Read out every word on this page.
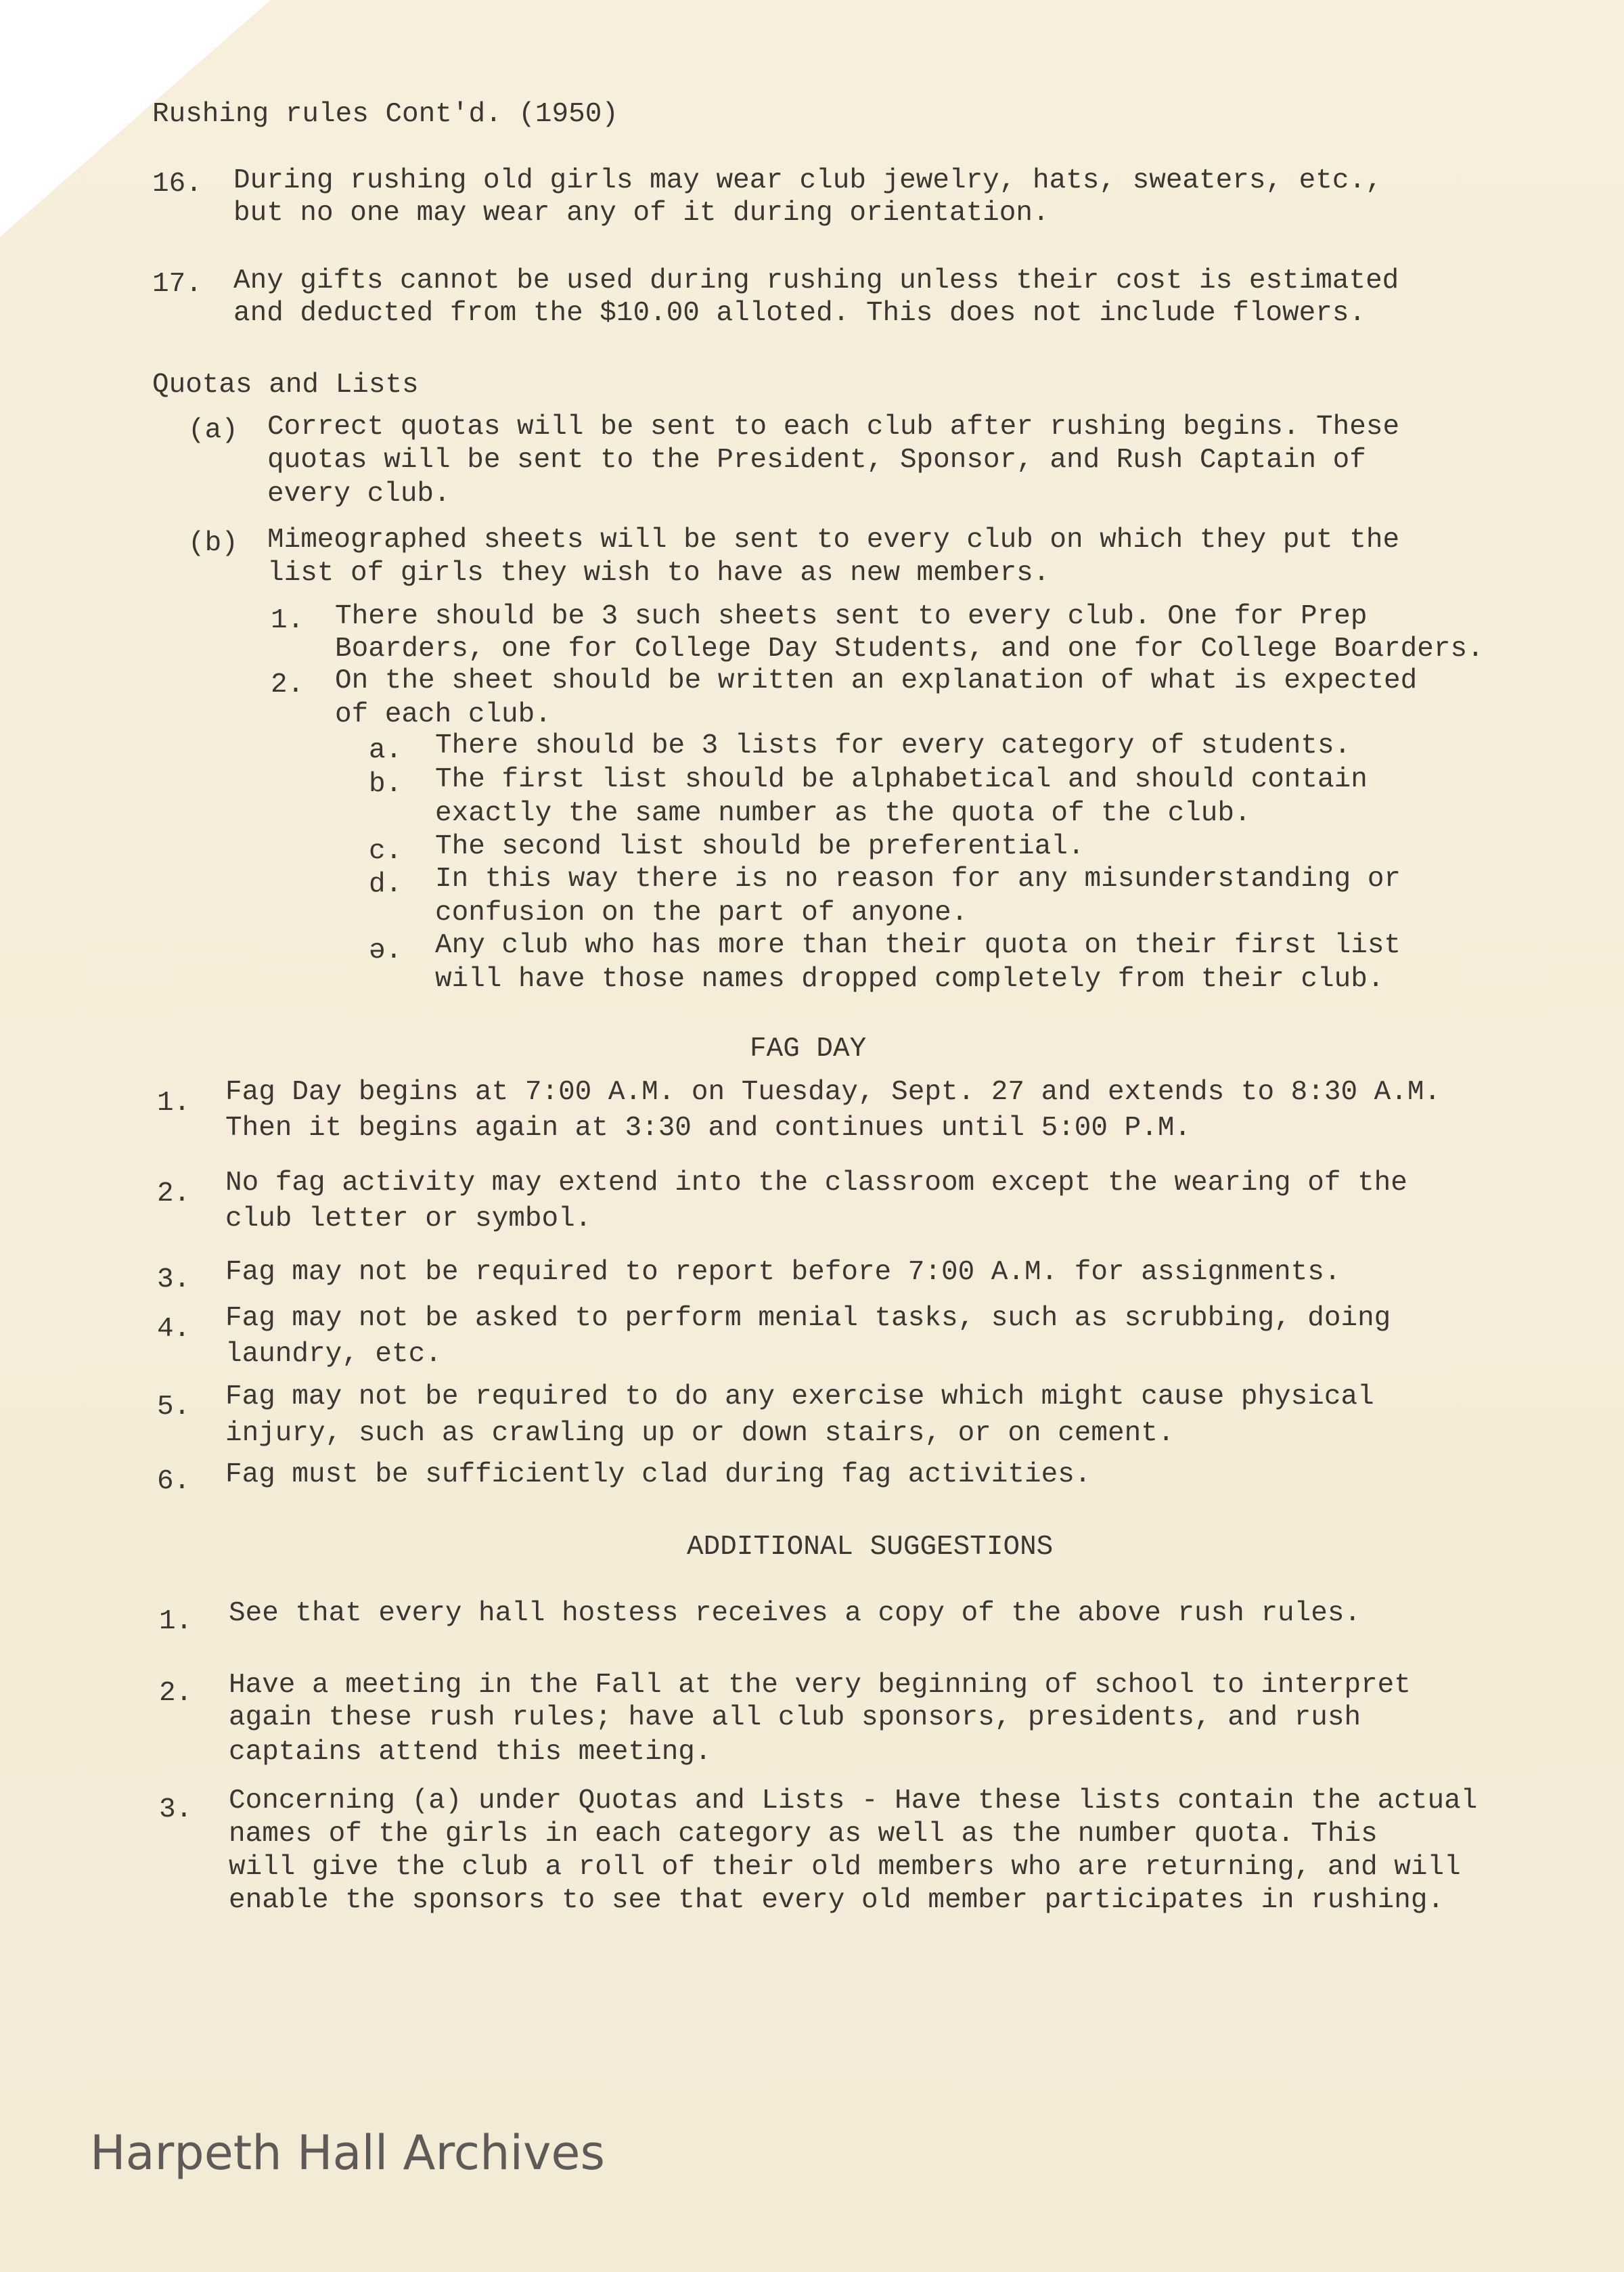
Rushing rules Cont'd. (1950)
16. During rushing old girls may wear club jewelry, hats, sweaters, etc.,
but no one may wear any of it during orientation.
17. Any gifts cannot be used during rushing unless their cost is estimated
and deducted from the $10.00 alloted. This does not include flowers.
Quotas and Lists
(a) Correct quotas will be sent to each club after rushing begins. These
quotas will be sent to the President, Sponsor, and Rush Captain of
every club.
(b) Mimeographed sheets will be sent to every club on which they put the
list of girls they wish to have as new members.
1. There should be 3 such sheets sent to every club. One for Prep
Boarders, one for College Day Students, and one for College Boarders.
2. On the sheet should be written an explanation of what is expected
of each club.
a. There should be 3 lists for every category of students.
b. The first list should be alphabetical and should contain
exactly the same number as the quota of the club.
c. The second list should be preferential.
d. In this way there is no reason for any misunderstanding or
confusion on the part of anyone.
ə. Any club who has more than their quota on their first list
will have those names dropped completely from their club.
FAG DAY
1. Fag Day begins at 7:00 A.M. on Tuesday, Sept. 27 and extends to 8:30 A.M.
Then it begins again at 3:30 and continues until 5:00 P.M.
2. No fag activity may extend into the classroom except the wearing of the
club letter or symbol.
3. Fag may not be required to report before 7:00 A.M. for assignments.
4. Fag may not be asked to perform menial tasks, such as scrubbing, doing
laundry, etc.
5. Fag may not be required to do any exercise which might cause physical
injury, such as crawling up or down stairs, or on cement.
6. Fag must be sufficiently clad during fag activities.
ADDITIONAL SUGGESTIONS
1. See that every hall hostess receives a copy of the above rush rules.
2. Have a meeting in the Fall at the very beginning of school to interpret
again these rush rules; have all club sponsors, presidents, and rush
captains attend this meeting.
3. Concerning (a) under Quotas and Lists - Have these lists contain the actual
names of the girls in each category as well as the number quota. This
will give the club a roll of their old members who are returning, and will
enable the sponsors to see that every old member participates in rushing.
Harpeth Hall Archives
